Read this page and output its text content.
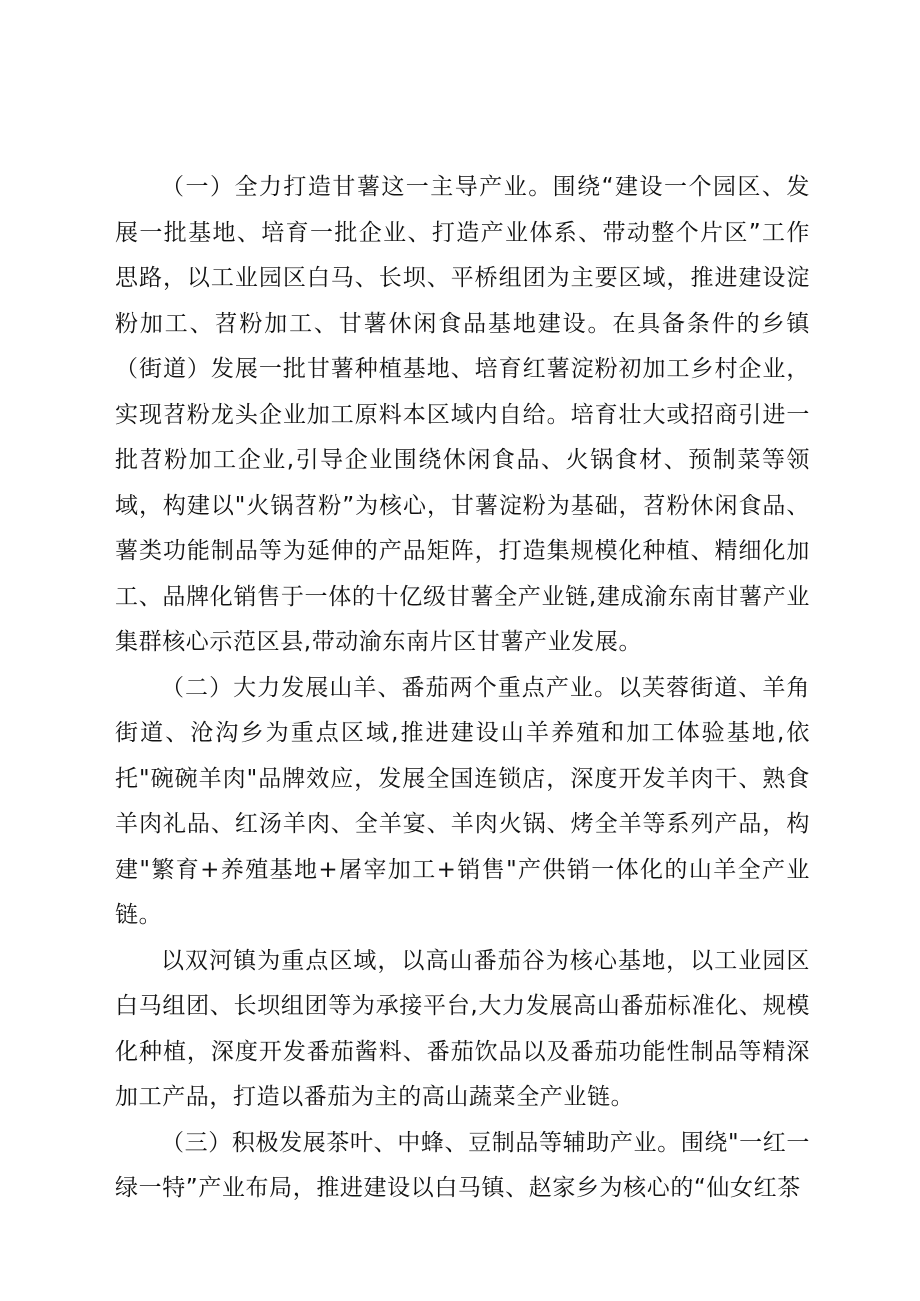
（一）全力打造甘薯这一主导产业。围绕“建设一个园区、发展一批基地、培育一批企业、打造产业体系、带动整个片区”工作思路，以工业园区白马、长坝、平桥组团为主要区域，推进建设淀粉加工、苕粉加工、甘薯休闲食品基地建设。在具备条件的乡镇（街道）发展一批甘薯种植基地、培育红薯淀粉初加工乡村企业，实现苕粉龙头企业加工原料本区域内自给。培育壮大或招商引进一批苕粉加工企业,引导企业围绕休闲食品、火锅食材、预制菜等领域，构建以"火锅苕粉”为核心，甘薯淀粉为基础，苕粉休闲食品、薯类功能制品等为延伸的产品矩阵，打造集规模化种植、精细化加工、品牌化销售于一体的十亿级甘薯全产业链,建成渝东南甘薯产业集群核心示范区县,带动渝东南片区甘薯产业发展。

（二）大力发展山羊、番茄两个重点产业。以芙蓉街道、羊角街道、沧沟乡为重点区域,推进建设山羊养殖和加工体验基地,依托"碗碗羊肉"品牌效应，发展全国连锁店，深度开发羊肉干、熟食羊肉礼品、红汤羊肉、全羊宴、羊肉火锅、烤全羊等系列产品，构建"繁育+养殖基地+屠宰加工+销售"产供销一体化的山羊全产业链。

以双河镇为重点区域，以高山番茄谷为核心基地，以工业园区白马组团、长坝组团等为承接平台,大力发展高山番茄标准化、规模化种植，深度开发番茄酱料、番茄饮品以及番茄功能性制品等精深加工产品，打造以番茄为主的高山蔬菜全产业链。

（三）积极发展茶叶、中蜂、豆制品等辅助产业。围绕"一红一绿一特”产业布局，推进建设以白马镇、赵家乡为核心的“仙女红茶
